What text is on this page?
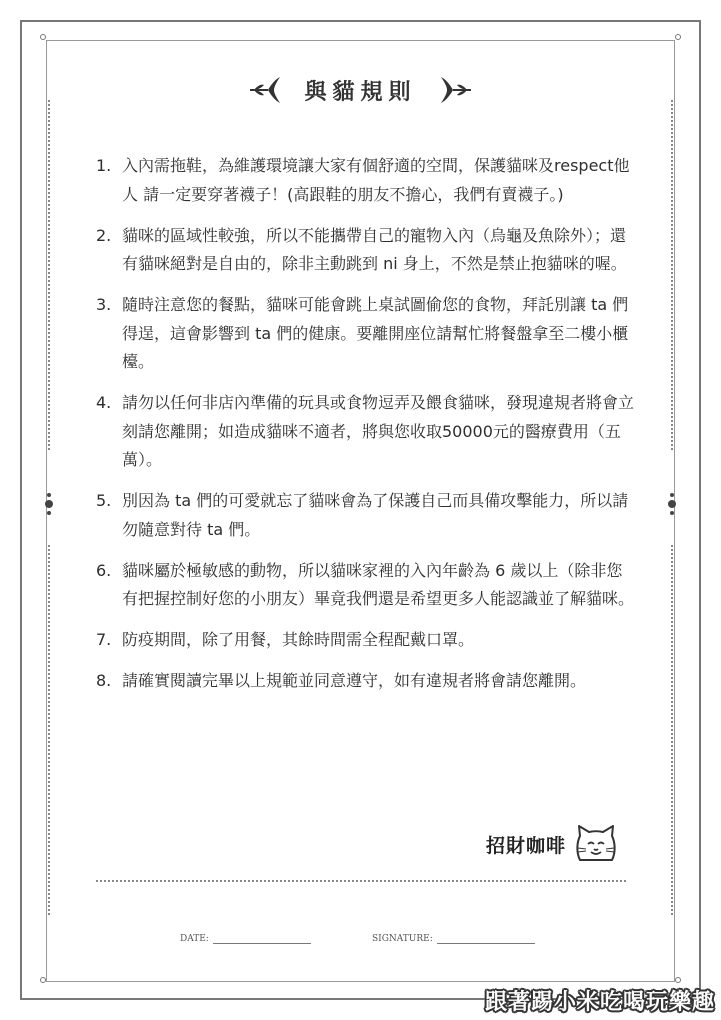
與貓規則
1. 入內需拖鞋，為維護環境讓大家有個舒適的空間，保護貓咪及respect他人 請一定要穿著襪子！(高跟鞋的朋友不擔心，我們有賣襪子。)
2. 貓咪的區域性較強，所以不能攜帶自己的寵物入內（烏龜及魚除外）；還有貓咪絕對是自由的，除非主動跳到 ni 身上，不然是禁止抱貓咪的喔。
3. 隨時注意您的餐點，貓咪可能會跳上桌試圖偷您的食物，拜託別讓 ta 們得逞，這會影響到 ta 們的健康。要離開座位請幫忙將餐盤拿至二樓小櫃檯。
4. 請勿以任何非店內準備的玩具或食物逗弄及餵食貓咪，發現違規者將會立刻請您離開；如造成貓咪不適者，將與您收取50000元的醫療費用（五萬）。
5. 別因為 ta 們的可愛就忘了貓咪會為了保護自己而具備攻擊能力，所以請勿隨意對待 ta 們。
6. 貓咪屬於極敏感的動物，所以貓咪家裡的入內年齡為 6 歲以上（除非您有把握控制好您的小朋友）畢竟我們還是希望更多人能認識並了解貓咪。
7. 防疫期間，除了用餐，其餘時間需全程配戴口罩。
8. 請確實閱讀完畢以上規範並同意遵守，如有違規者將會請您離開。
招財咖啡
DATE:	SIGNATURE:
跟著踢小米吃喝玩樂趣
